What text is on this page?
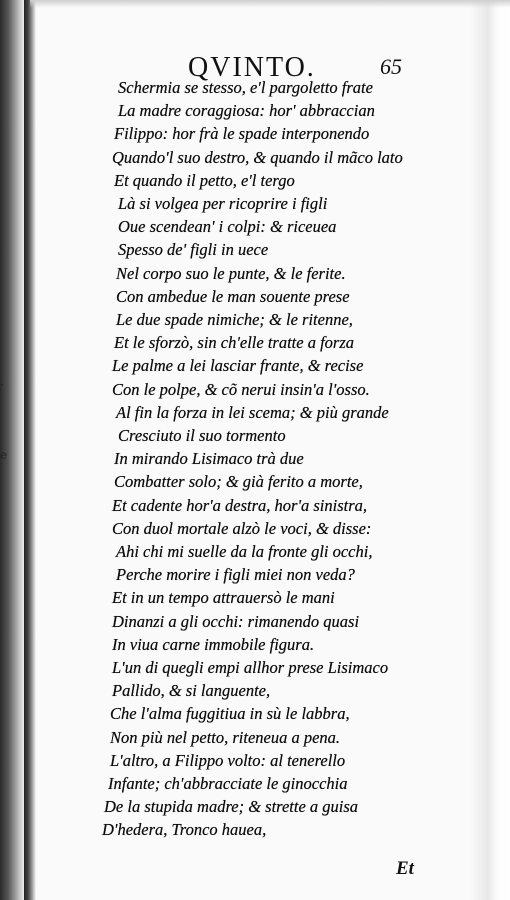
·
e
QVINTO.	65
Schermia se stesso, e'l pargoletto frate
La madre coraggiosa: hor' abbraccian
Filippo: hor frà le spade interponendo
Quando'l suo destro, & quando il mãco lato
Et quando il petto, e'l tergo
Là si volgea per ricoprire i figli
Oue scendean' i colpi: & riceuea
Spesso de' figli in uece
Nel corpo suo le punte, & le ferite.
Con ambedue le man souente prese
Le due spade nimiche; & le ritenne,
Et le sforzò, sin ch'elle tratte a forza
Le palme a lei lasciar frante, & recise
Con le polpe, & cõ nerui insin'a l'osso.
Al fin la forza in lei scema; & più grande
Cresciuto il suo tormento
In mirando Lisimaco trà due
Combatter solo; & già ferito a morte,
Et cadente hor'a destra, hor'a sinistra,
Con duol mortale alzò le voci, & disse:
Ahi chi mi suelle da la fronte gli occhi,
Perche morire i figli miei non veda?
Et in un tempo attrauersò le mani
Dinanzi a gli occhi: rimanendo quasi
In viua carne immobile figura.
L'un di quegli empi allhor prese Lisimaco
Pallido, & si languente,
Che l'alma fuggitiua in sù le labbra,
Non più nel petto, riteneua a pena.
L'altro, a Filippo volto: al tenerello
Infante; ch'abbracciate le ginocchia
De la stupida madre; & strette a guisa
D'hedera, Tronco hauea,
Et
